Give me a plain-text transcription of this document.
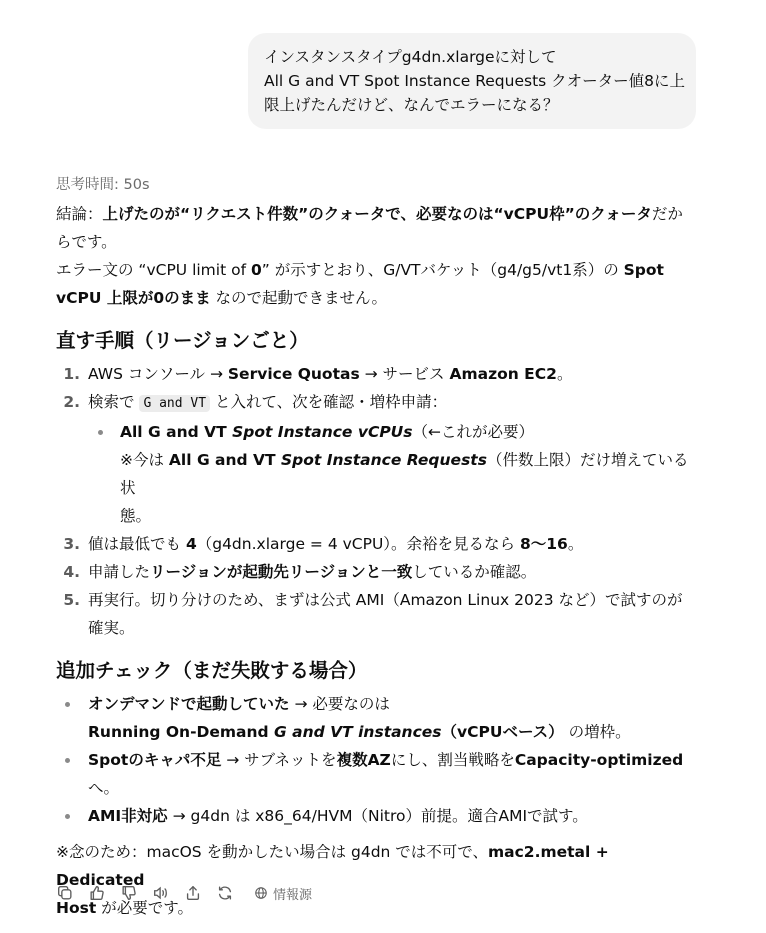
インスタンスタイプg4dn.xlargeに対して
All G and VT Spot Instance Requests クオーター値8に上
限上げたんだけど、なんでエラーになる？
思考時間: 50s
結論：上げたのが“リクエスト件数”のクォータで、必要なのは“vCPU枠”のクォータだか
らです。
エラー文の “vCPU limit of 0” が示すとおり、G/VTバケット（g4/g5/vt1系）の Spot
vCPU 上限が0のまま なので起動できません。
直す手順（リージョンごと）
1. AWS コンソール → Service Quotas → サービス Amazon EC2。
2. 検索で G and VT と入れて、次を確認・増枠申請：
All G and VT Spot Instance vCPUs（←これが必要）
※今は All G and VT Spot Instance Requests（件数上限）だけ増えている状
態。
3. 値は最低でも 4（g4dn.xlarge = 4 vCPU）。余裕を見るなら 8〜16。
4. 申請したリージョンが起動先リージョンと一致しているか確認。
5. 再実行。切り分けのため、まずは公式 AMI（Amazon Linux 2023 など）で試すのが
確実。
追加チェック（まだ失敗する場合）
オンデマンドで起動していた → 必要なのは
Running On-Demand G and VT instances（vCPUベース） の増枠。
Spotのキャパ不足 → サブネットを複数AZにし、割当戦略をCapacity-optimized
へ。
AMI非対応 → g4dn は x86_64/HVM（Nitro）前提。適合AMIで試す。
※念のため：macOS を動かしたい場合は g4dn では不可で、mac2.metal + Dedicated
Host が必要です。
情報源
